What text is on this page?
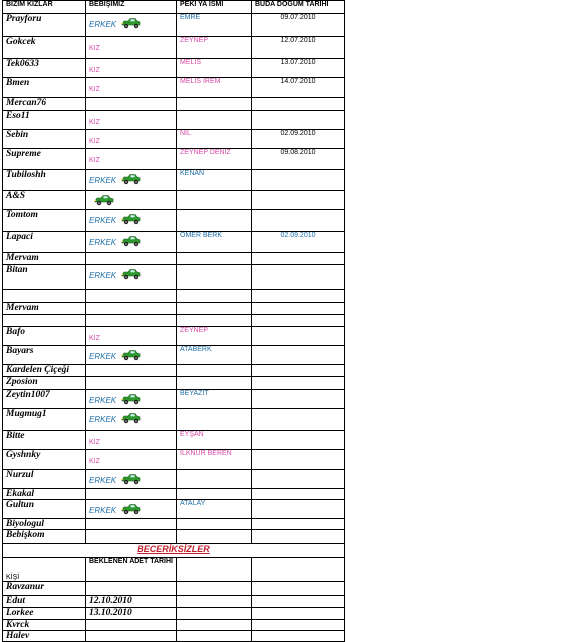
BİZİM KIZLAR	BEBİŞİMİZ	PEKİ YA İSMİ	BUDA DOĞUM TARİHİ
Prayforu	ERKEK	EMRE	09.07.2010
Gokcek	KIZ	ZEYNEP	12.07.2010
Tek0633	KIZ	MELİS	13.07.2010
Bmen	KIZ	MELİS İREM	14.07.2010
Mercan76			
Eso11	KIZ		
Sebin	KIZ	NİL	02.09.2010
Supreme	KIZ	ZEYNEP DENİZ	09.08.2010
Tubiloshh	ERKEK	KENAN	
A&S			
Tomtom	ERKEK		
Lapaci	ERKEK	ÖMER BERK	02.09.2010
Mervam			
Bitan	ERKEK		

Mervam			

Bafo	KIZ	ZEYNEP	
Bayars	ERKEK	ATABERK	
Kardelen Çiçeği			
Zposion			
Zeytin1007	ERKEK	BEYAZIT	
Mugmug1	ERKEK		
Bitte	KIZ	EYŞAN	
Gyshnky	KIZ	İLKNUR BEREN	
Nurzul	ERKEK		
Ekakal			
Gultun	ERKEK	ATALAY	
Biyologul			
Bebişkom			
BECERİKSİZLER			
KİŞİ	BEKLENEN ADET TARİHİ		
Ravzanur			
Edut	12.10.2010		
Lorkee	13.10.2010		
Kvrck			
Halev			
